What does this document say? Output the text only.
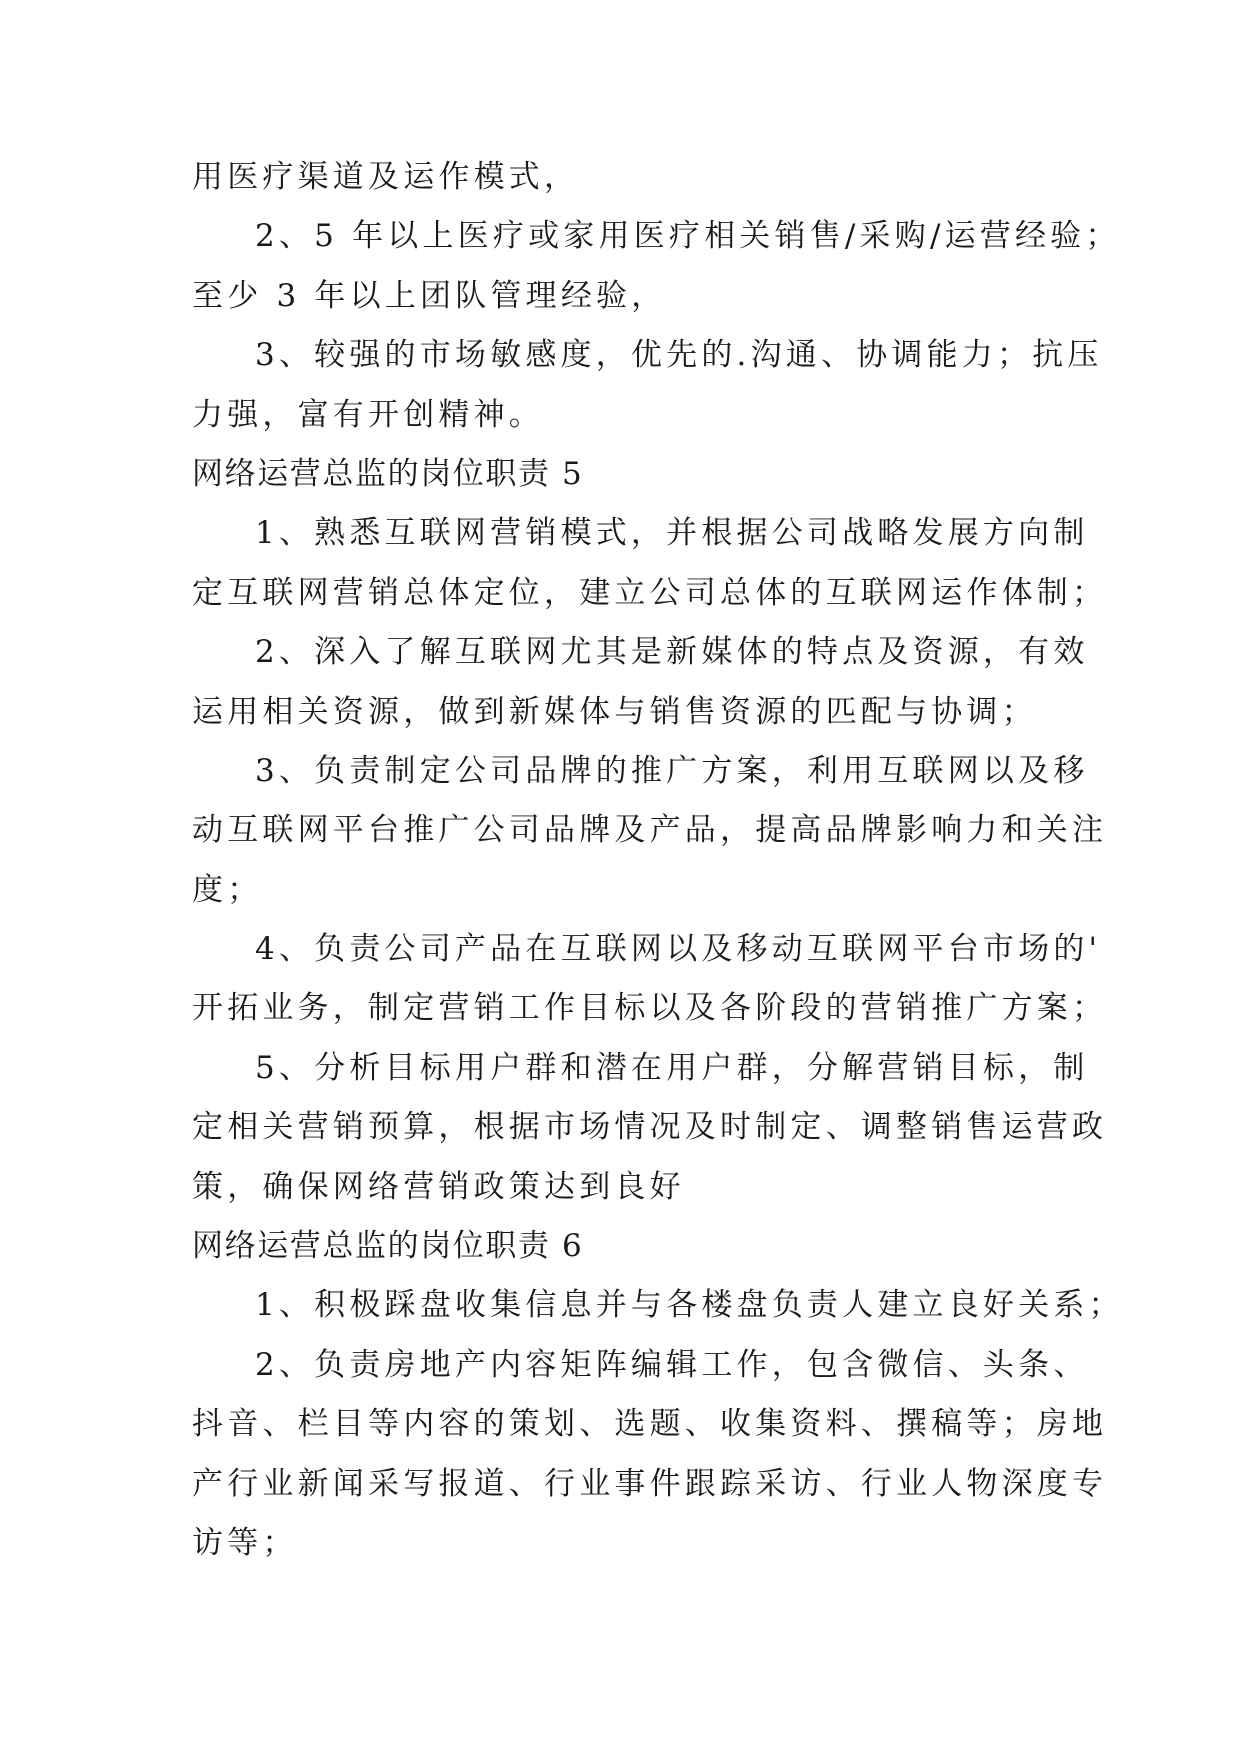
用医疗渠道及运作模式，
2、5 年以上医疗或家用医疗相关销售/采购/运营经验；
至少 3 年以上团队管理经验，
3、较强的市场敏感度，优先的.沟通、协调能力；抗压
力强，富有开创精神。
网络运营总监的岗位职责 5
1、熟悉互联网营销模式，并根据公司战略发展方向制
定互联网营销总体定位，建立公司总体的互联网运作体制；
2、深入了解互联网尤其是新媒体的特点及资源，有效
运用相关资源，做到新媒体与销售资源的匹配与协调；
3、负责制定公司品牌的推广方案，利用互联网以及移
动互联网平台推广公司品牌及产品，提高品牌影响力和关注
度；
4、负责公司产品在互联网以及移动互联网平台市场的'
开拓业务，制定营销工作目标以及各阶段的营销推广方案；
5、分析目标用户群和潜在用户群，分解营销目标，制
定相关营销预算，根据市场情况及时制定、调整销售运营政
策，确保网络营销政策达到良好
网络运营总监的岗位职责 6
1、积极踩盘收集信息并与各楼盘负责人建立良好关系；
2、负责房地产内容矩阵编辑工作，包含微信、头条、
抖音、栏目等内容的策划、选题、收集资料、撰稿等；房地
产行业新闻采写报道、行业事件跟踪采访、行业人物深度专
访等；
